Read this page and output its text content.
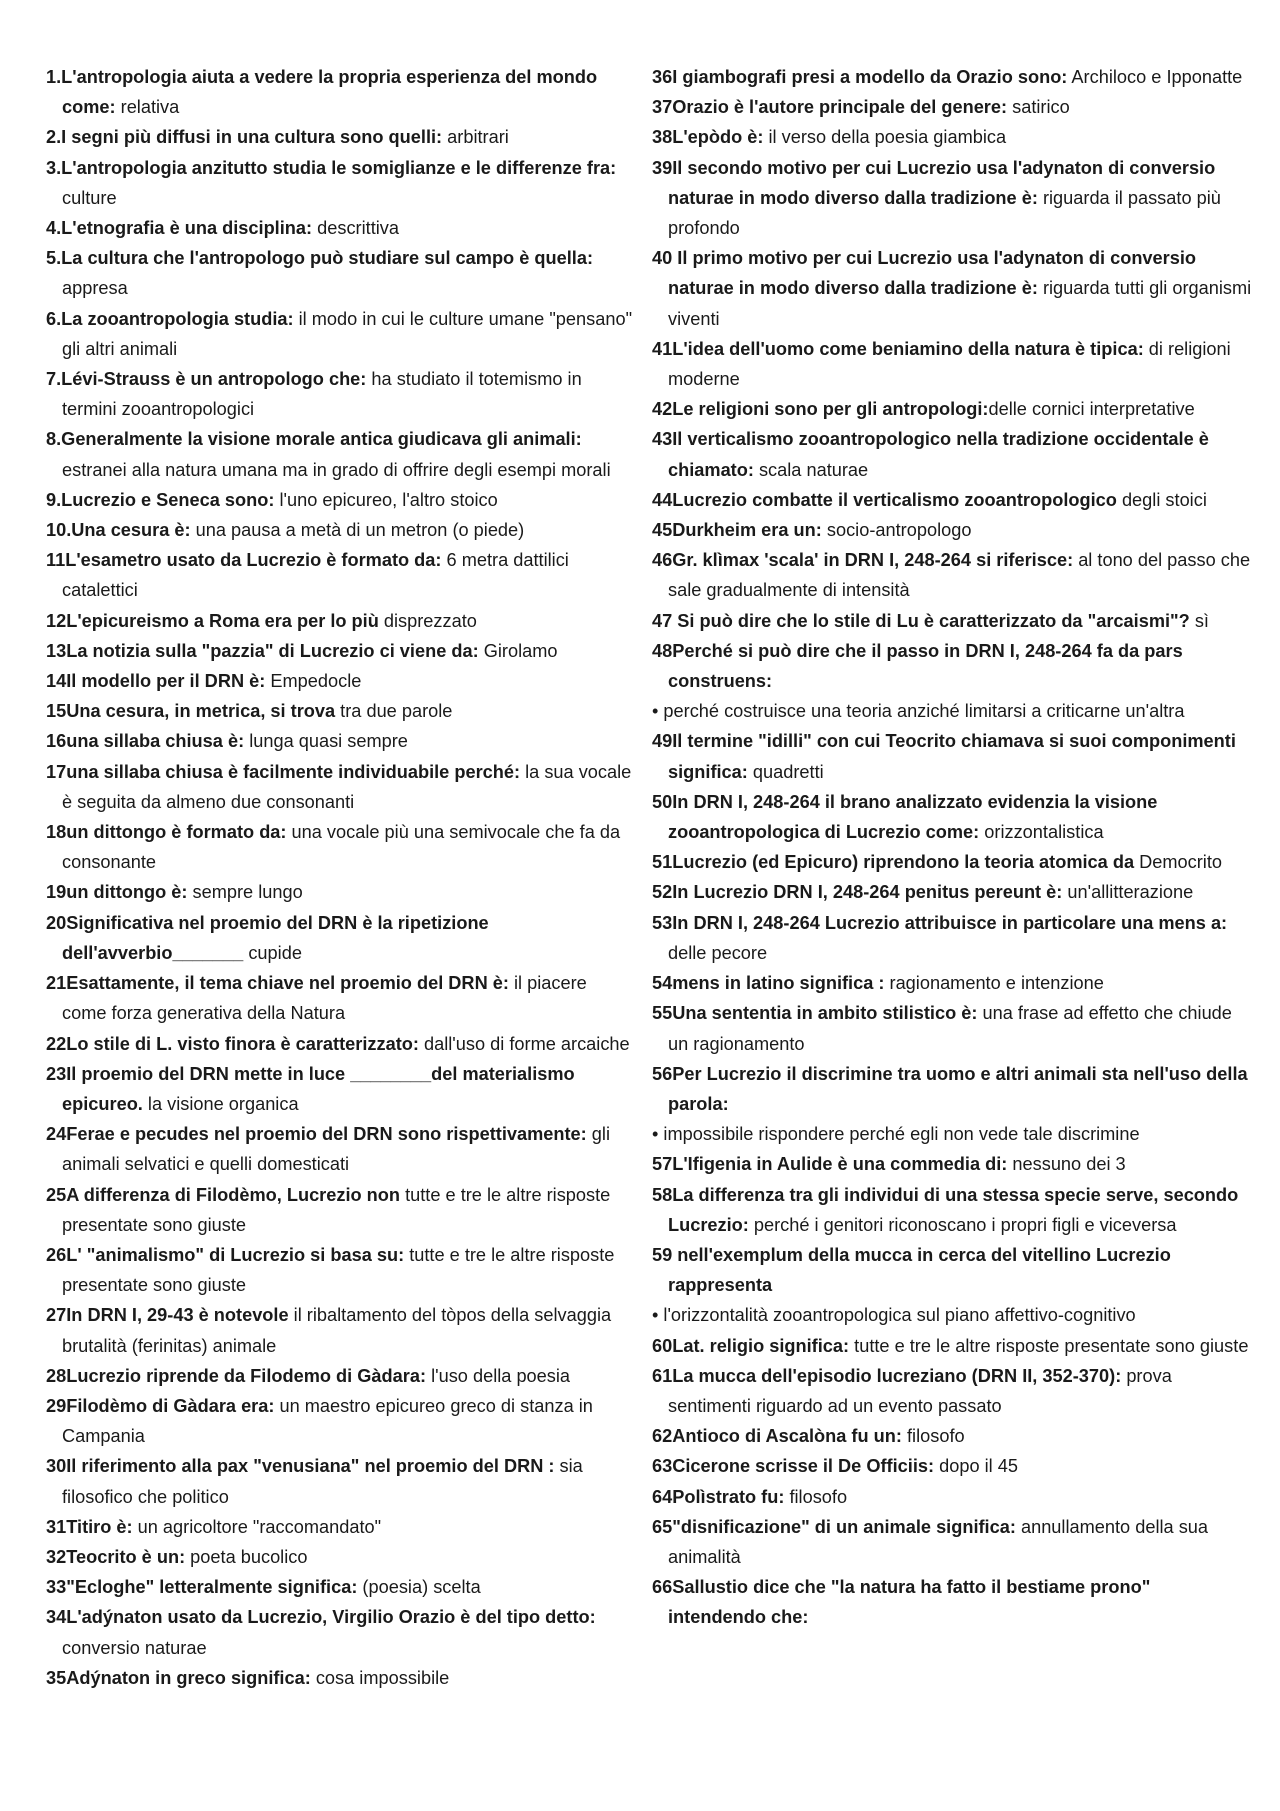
1.L'antropologia aiuta a vedere la propria esperienza del mondo come: relativa

2.I segni più diffusi in una cultura sono quelli: arbitrari

3.L'antropologia anzitutto studia le somiglianze e le differenze fra: culture

4.L'etnografia è una disciplina: descrittiva

5.La cultura che l'antropologo può studiare sul campo è quella: appresa

6.La zooantropologia studia: il modo in cui le culture umane "pensano" gli altri animali

7.Lévi-Strauss è un antropologo che: ha studiato il totemismo in termini zooantropologici

8.Generalmente la visione morale antica giudicava gli animali: estranei alla natura umana ma in grado di offrire degli esempi morali

9.Lucrezio e Seneca sono: l'uno epicureo, l'altro stoico

10.Una cesura è: una pausa a metà di un metron (o piede)

11L'esametro usato da Lucrezio è formato da: 6 metra dattilici catalettici

12L'epicureismo a Roma era per lo più disprezzato

13La notizia sulla "pazzia" di Lucrezio ci viene da: Girolamo

14Il modello per il DRN è: Empedocle

15Una cesura, in metrica, si trova tra due parole

16una sillaba chiusa è: lunga quasi sempre

17una sillaba chiusa è facilmente individuabile perché: la sua vocale è seguita da almeno due consonanti

18un dittongo è formato da: una vocale più una semivocale che fa da consonante

19un dittongo è: sempre lungo

20Significativa nel proemio del DRN è la ripetizione dell'avverbio_______ cupide

21Esattamente, il tema chiave nel proemio del DRN è: il piacere come forza generativa della Natura

22Lo stile di L. visto finora è caratterizzato: dall'uso di forme arcaiche

23Il proemio del DRN mette in luce ________del materialismo epicureo. la visione organica

24Ferae e pecudes nel proemio del DRN sono rispettivamente: gli animali selvatici e quelli domesticati

25A differenza di Filodèmo, Lucrezio non tutte e tre le altre risposte presentate sono giuste

26L' "animalismo" di Lucrezio si basa su: tutte e tre le altre risposte presentate sono giuste

27In DRN I, 29-43 è notevole il ribaltamento del tòpos della selvaggia brutalità (ferinitas) animale

28Lucrezio riprende da Filodemo di Gàdara: l'uso della poesia

29Filodèmo di Gàdara era: un maestro epicureo greco di stanza in Campania

30Il riferimento alla pax "venusiana" nel proemio del DRN : sia filosofico che politico

31Titiro è: un agricoltore "raccomandato"

32Teocrito è un: poeta bucolico

33"Ecloghe" letteralmente significa: (poesia) scelta

34L'adýnaton usato da Lucrezio, Virgilio Orazio è del tipo detto: conversio naturae

35Adýnaton in greco significa: cosa impossibile

36I giambografi presi a modello da Orazio sono: Archiloco e Ipponatte

37Orazio è l'autore principale del genere: satirico

38L'epòdo è: il verso della poesia giambica

39Il secondo motivo per cui Lucrezio usa l'adynaton di conversio naturae in modo diverso dalla tradizione è: riguarda il passato più profondo

40 Il primo motivo per cui Lucrezio usa l'adynaton di conversio naturae in modo diverso dalla tradizione è: riguarda tutti gli organismi viventi

41L'idea dell'uomo come beniamino della natura è tipica: di religioni moderne

42Le religioni sono per gli antropologi:delle cornici interpretative

43Il verticalismo zooantropologico nella tradizione occidentale è chiamato: scala naturae

44Lucrezio combatte il verticalismo zooantropologico degli stoici

45Durkheim era un: socio-antropologo

46Gr. klìmax 'scala' in DRN I, 248-264 si riferisce: al tono del passo che sale gradualmente di intensità

47 Si può dire che lo stile di Lu è caratterizzato da "arcaismi"? sì

48Perché si può dire che il passo in DRN I, 248-264 fa da pars construens:

• perché costruisce una teoria anziché limitarsi a criticarne un'altra

49Il termine "idilli" con cui Teocrito chiamava si suoi componimenti significa: quadretti

50In DRN I, 248-264 il brano analizzato evidenzia la visione zooantropologica di Lucrezio come: orizzontalistica

51Lucrezio (ed Epicuro) riprendono la teoria atomica da Democrito

52In Lucrezio DRN I, 248-264 penitus pereunt è: un'allitterazione

53In DRN I, 248-264 Lucrezio attribuisce in particolare una mens a: delle pecore

54mens in latino significa : ragionamento e intenzione

55Una sententia in ambito stilistico è: una frase ad effetto che chiude un ragionamento

56Per Lucrezio il discrimine tra uomo e altri animali sta nell'uso della parola:

• impossibile rispondere perché egli non vede tale discrimine

57L'Ifigenia in Aulide è una commedia di: nessuno dei 3

58La differenza tra gli individui di una stessa specie serve, secondo Lucrezio: perché i genitori riconoscano i propri figli e viceversa

59 nell'exemplum della mucca in cerca del vitellino Lucrezio rappresenta

• l'orizzontalità zooantropologica sul piano affettivo-cognitivo

60Lat. religio significa: tutte e tre le altre risposte presentate sono giuste

61La mucca dell'episodio lucreziano (DRN II, 352-370): prova sentimenti riguardo ad un evento passato

62Antioco di Ascalòna fu un: filosofo

63Cicerone scrisse il De Officiis: dopo il 45

64Polìstrato fu: filosofo

65"disnificazione" di un animale significa: annullamento della sua animalità

66Sallustio dice che "la natura ha fatto il bestiame prono" intendendo che:
